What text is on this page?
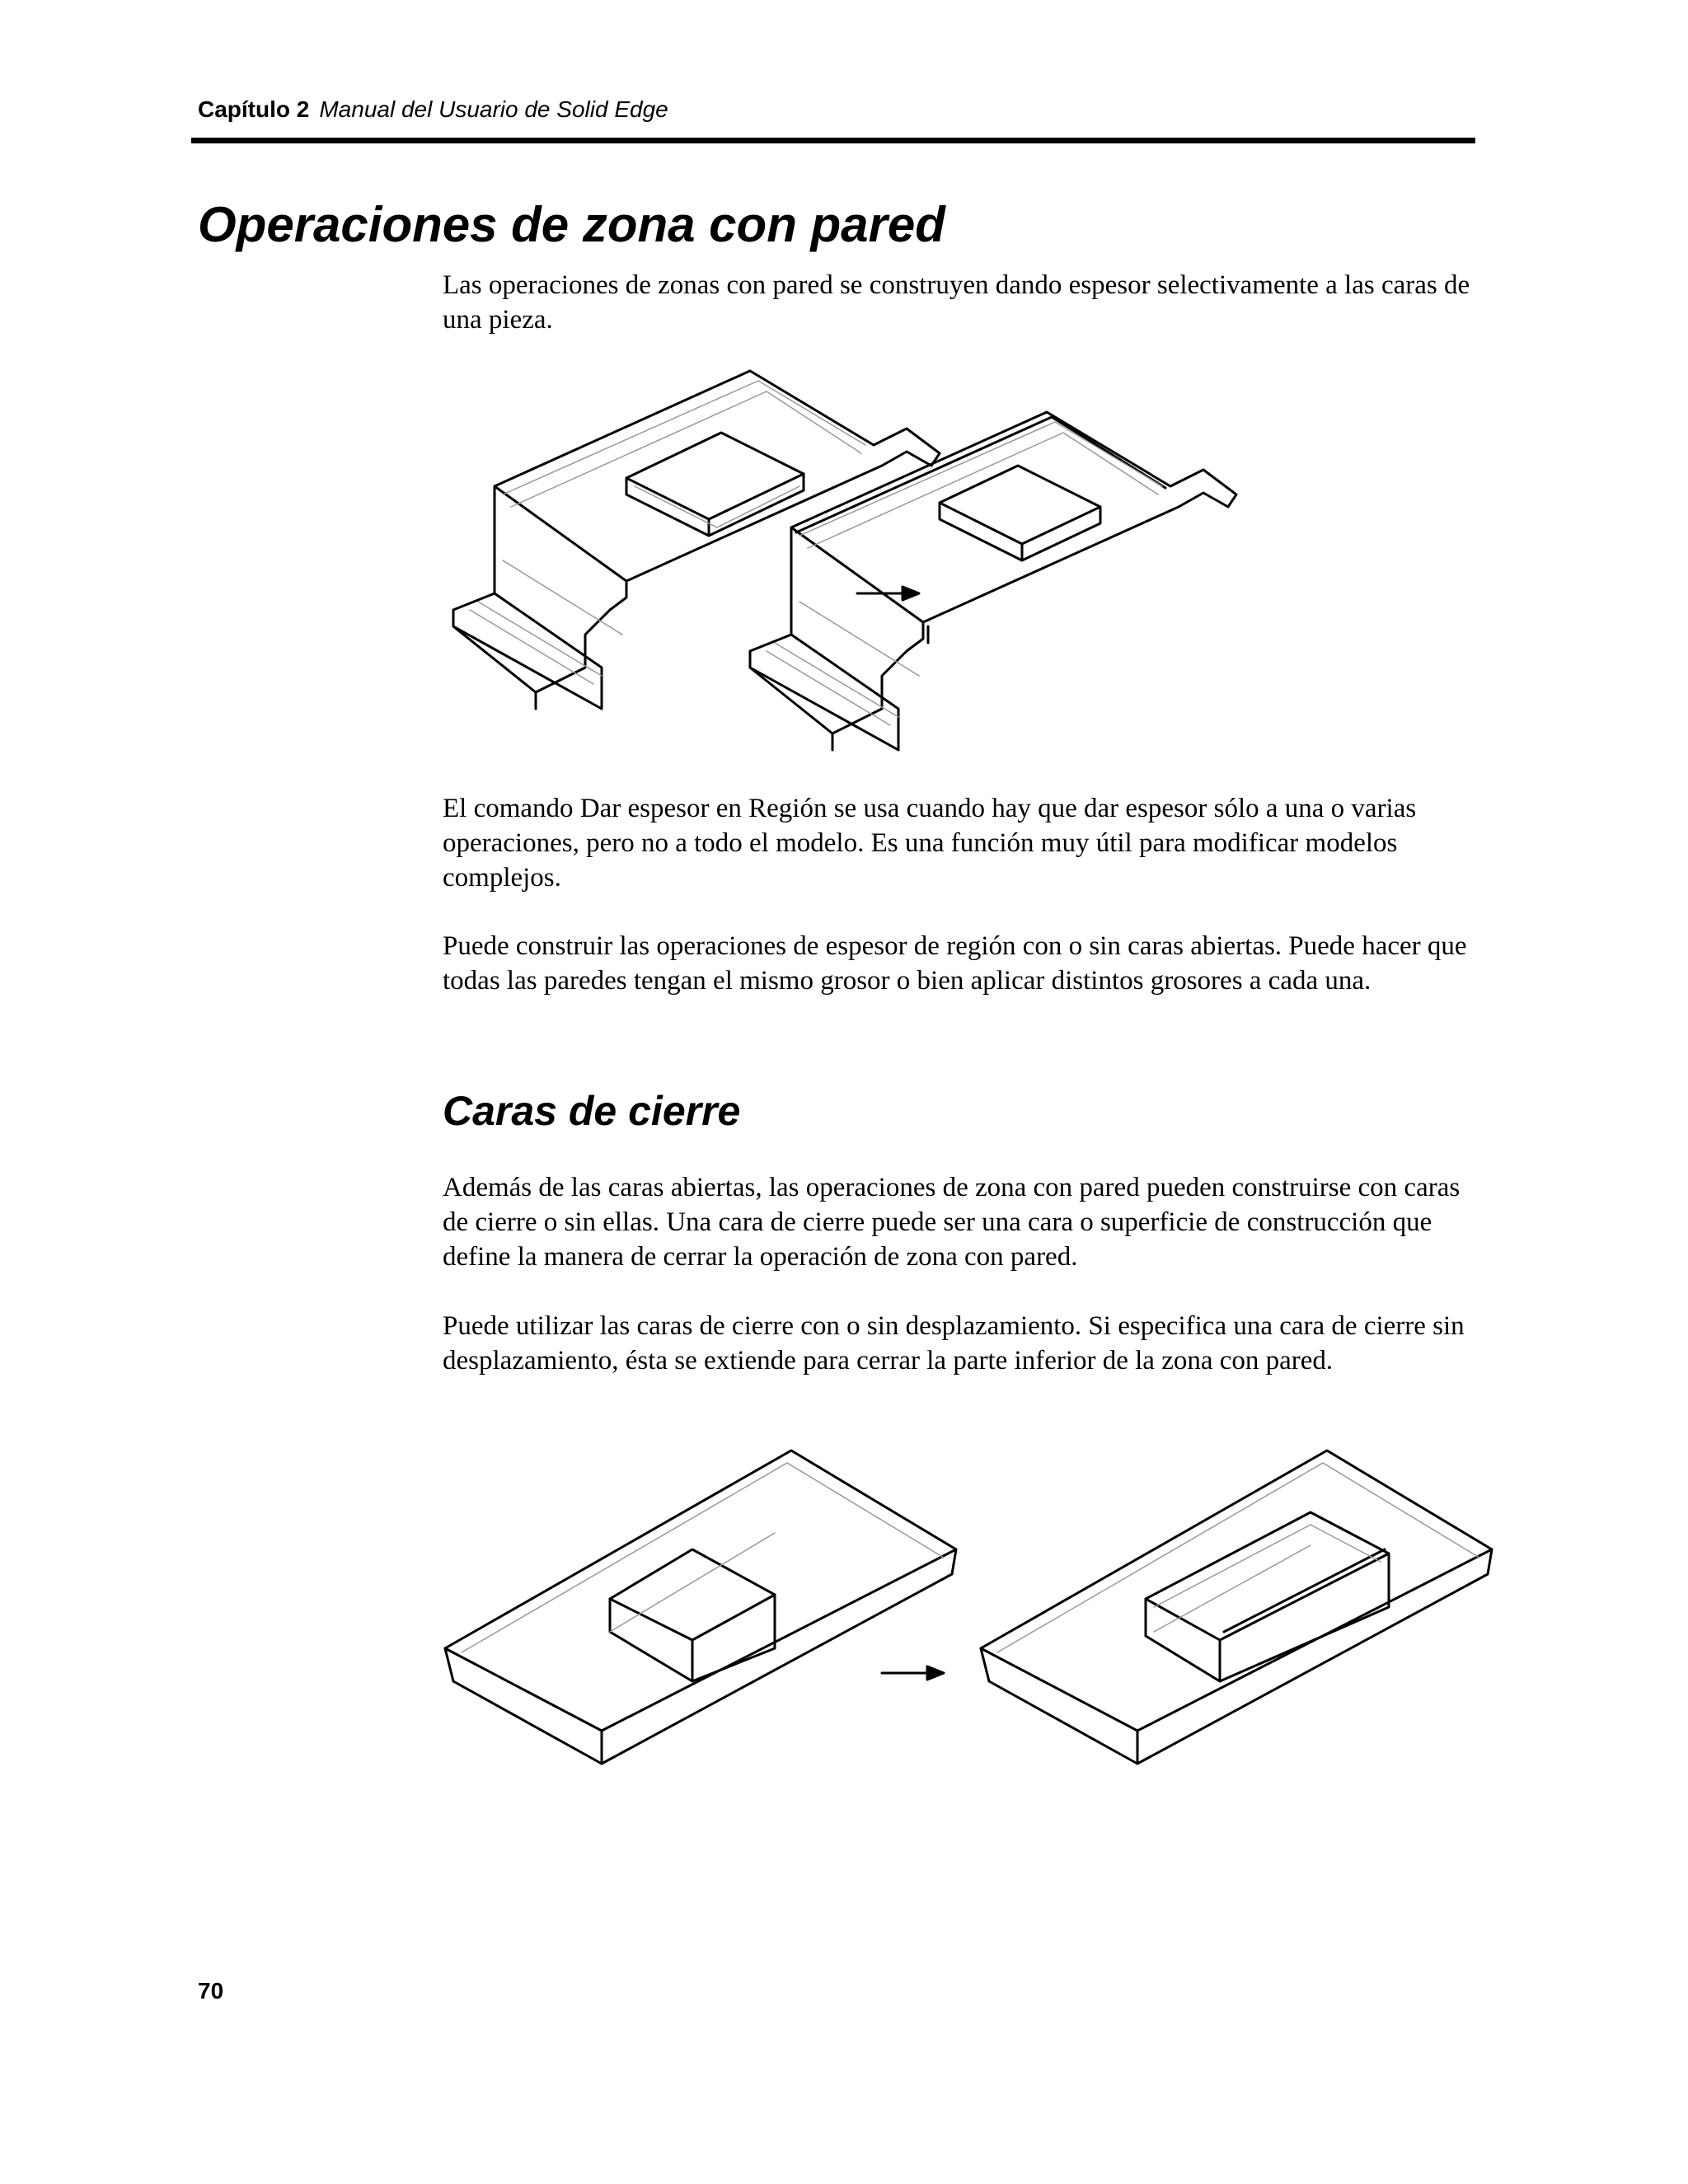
Capítulo 2 Manual del Usuario de Solid Edge
Operaciones de zona con pared

Las operaciones de zonas con pared se construyen dando espesor selectivamente a las caras de una pieza.

El comando Dar espesor en Región se usa cuando hay que dar espesor sólo a una o varias operaciones, pero no a todo el modelo. Es una función muy útil para modificar modelos complejos.

Puede construir las operaciones de espesor de región con o sin caras abiertas. Puede hacer que todas las paredes tengan el mismo grosor o bien aplicar distintos grosores a cada una.

Caras de cierre

Además de las caras abiertas, las operaciones de zona con pared pueden construirse con caras de cierre o sin ellas. Una cara de cierre puede ser una cara o superficie de construcción que define la manera de cerrar la operación de zona con pared.

Puede utilizar las caras de cierre con o sin desplazamiento. Si especifica una cara de cierre sin desplazamiento, ésta se extiende para cerrar la parte inferior de la zona con pared.

70
